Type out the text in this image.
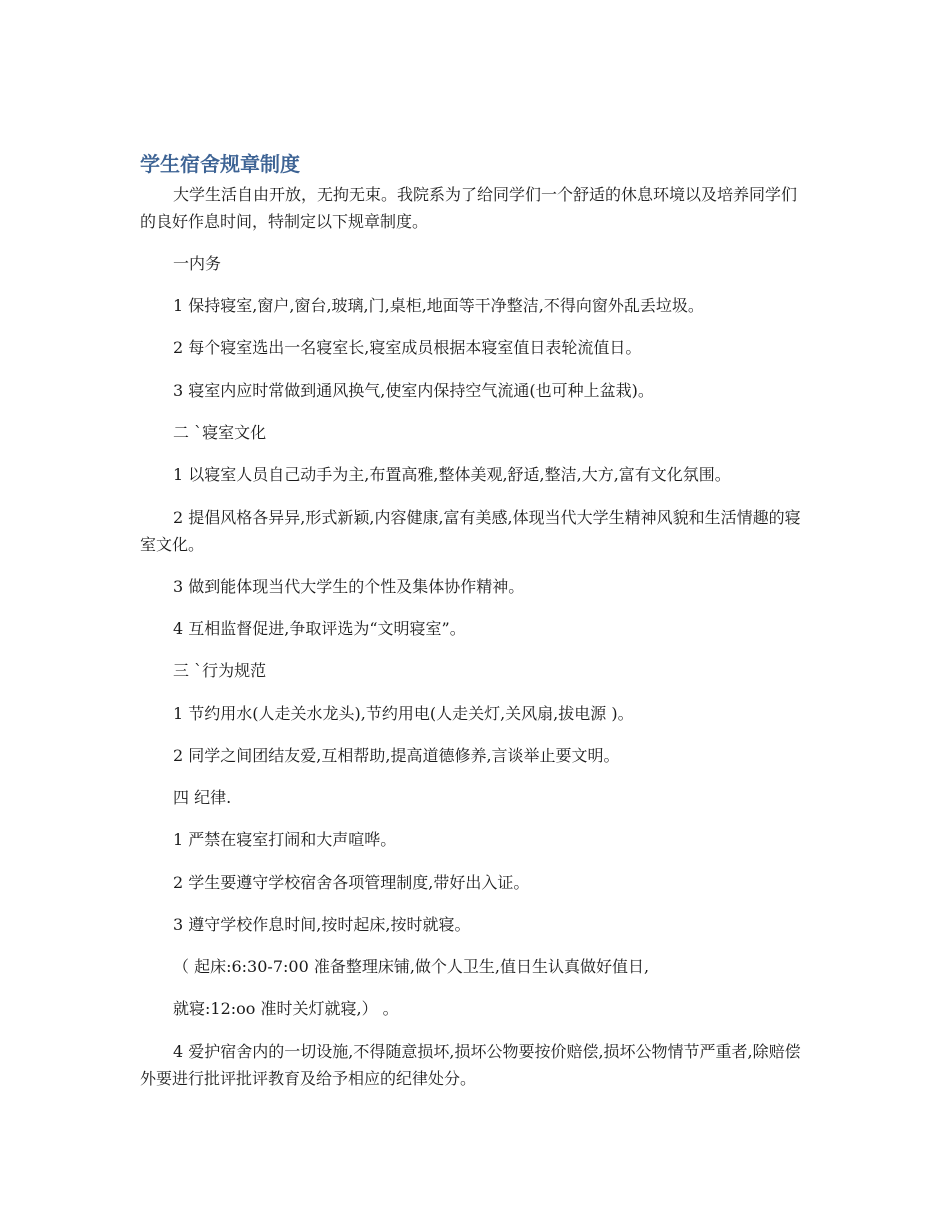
学生宿舍规章制度

大学生活自由开放，无拘无束。我院系为了给同学们一个舒适的休息环境以及培养同学们的良好作息时间，特制定以下规章制度。

一内务

1 保持寝室,窗户,窗台,玻璃,门,桌柜,地面等干净整洁,不得向窗外乱丢垃圾。

2 每个寝室选出一名寝室长,寝室成员根据本寝室值日表轮流值日。

3 寝室内应时常做到通风换气,使室内保持空气流通(也可种上盆栽)。

二 `寝室文化

1 以寝室人员自己动手为主,布置高雅,整体美观,舒适,整洁,大方,富有文化氛围。

2 提倡风格各异异,形式新颖,内容健康,富有美感,体现当代大学生精神风貌和生活情趣的寝室文化。

3 做到能体现当代大学生的个性及集体协作精神。

4 互相监督促进,争取评选为“文明寝室”。

三 `行为规范

1 节约用水(人走关水龙头),节约用电(人走关灯,关风扇,拔电源 )。

2 同学之间团结友爱,互相帮助,提高道德修养,言谈举止要文明。

四 纪律.

1 严禁在寝室打闹和大声喧哗。

2 学生要遵守学校宿舍各项管理制度,带好出入证。

3 遵守学校作息时间,按时起床,按时就寝。

（ 起床:6:30-7:00 准备整理床铺,做个人卫生,值日生认真做好值日,

就寝:12:oo 准时关灯就寝,） 。

4 爱护宿舍内的一切设施,不得随意损坏,损坏公物要按价赔偿,损坏公物情节严重者,除赔偿外要进行批评批评教育及给予相应的纪律处分。
